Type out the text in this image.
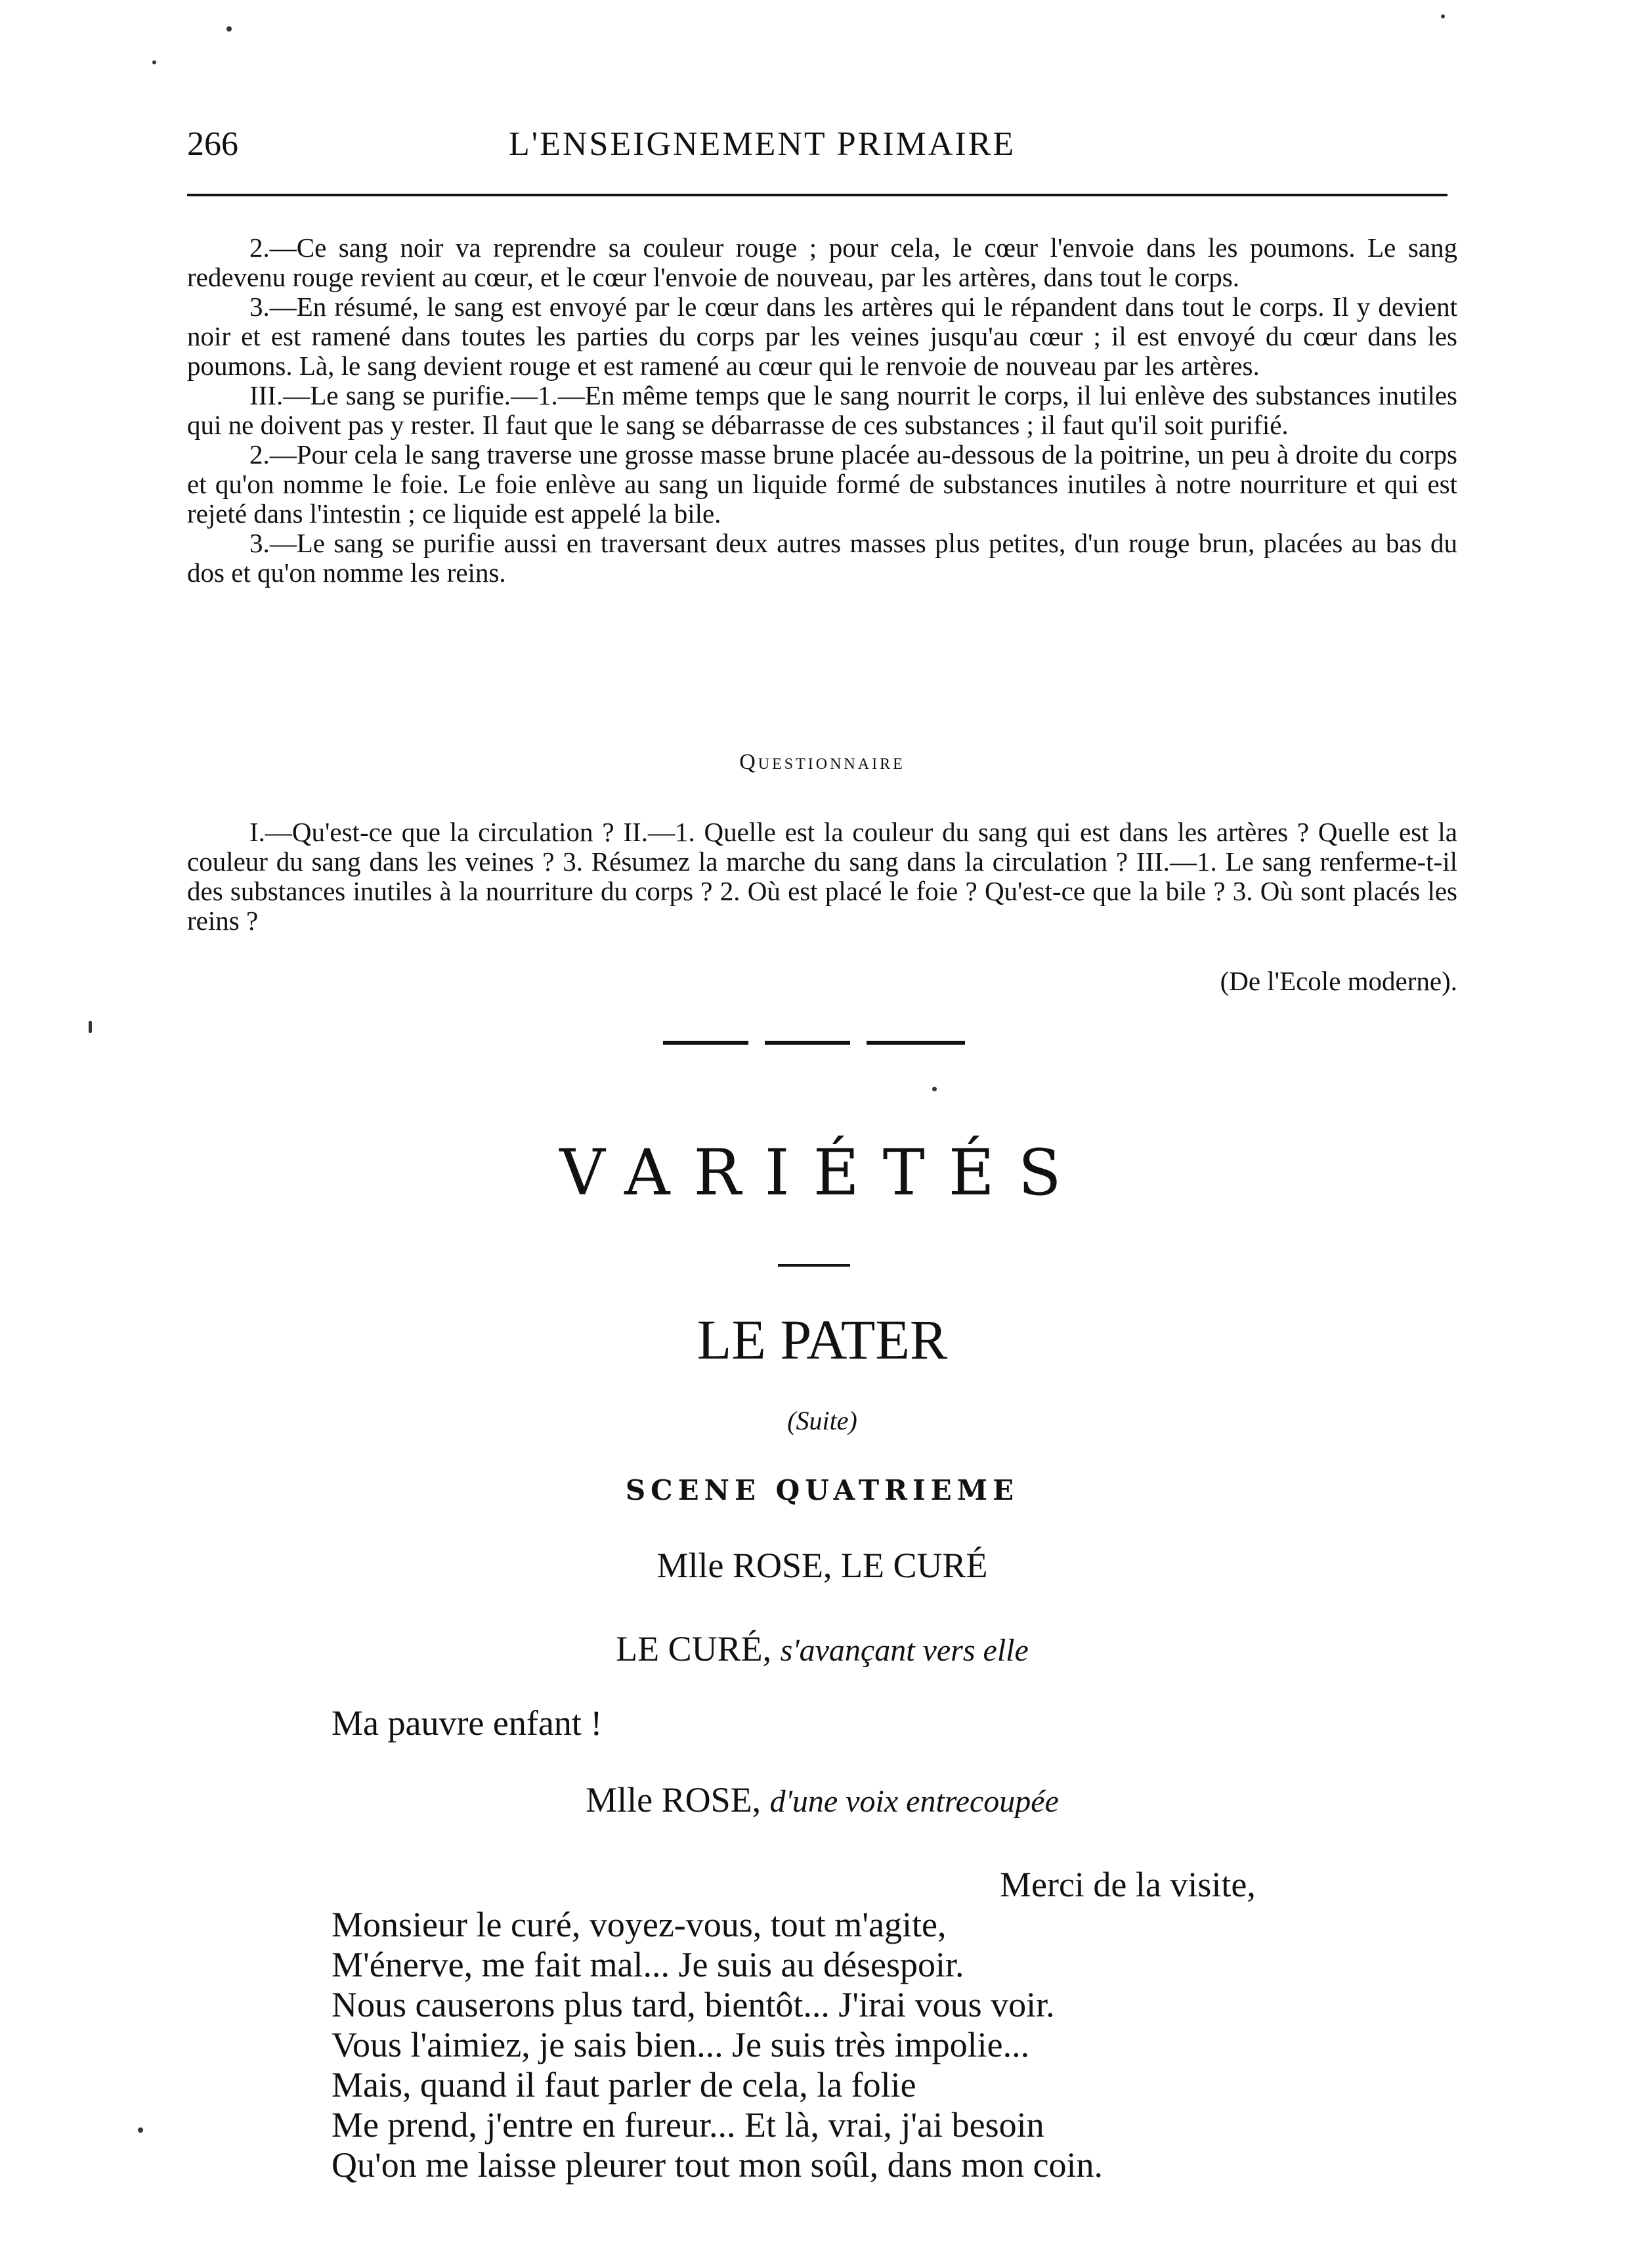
266	L'ENSEIGNEMENT PRIMAIRE

2.—Ce sang noir va reprendre sa couleur rouge ; pour cela, le cœur l'envoie dans les poumons. Le sang redevenu rouge revient au cœur, et le cœur l'envoie de nouveau, par les artères, dans tout le corps.

3.—En résumé, le sang est envoyé par le cœur dans les artères qui le répandent dans tout le corps. Il y devient noir et est ramené dans toutes les parties du corps par les veines jusqu'au cœur ; il est envoyé du cœur dans les poumons. Là, le sang devient rouge et est ramené au cœur qui le renvoie de nouveau par les artères.

III.—Le sang se purifie.—1.—En même temps que le sang nourrit le corps, il lui enlève des substances inutiles qui ne doivent pas y rester. Il faut que le sang se débarrasse de ces substances ; il faut qu'il soit purifié.

2.—Pour cela le sang traverse une grosse masse brune placée au-dessous de la poitrine, un peu à droite du corps et qu'on nomme le foie. Le foie enlève au sang un liquide formé de substances inutiles à notre nourriture et qui est rejeté dans l'intestin ; ce liquide est appelé la bile.

3.—Le sang se purifie aussi en traversant deux autres masses plus petites, d'un rouge brun, placées au bas du dos et qu'on nomme les reins.

Questionnaire
I.—Qu'est-ce que la circulation ? II.—1. Quelle est la couleur du sang qui est dans les artères ? Quelle est la couleur du sang dans les veines ? 3. Résumez la marche du sang dans la circulation ? III.—1. Le sang renferme-t-il des substances inutiles à la nourriture du corps ? 2. Où est placé le foie ? Qu'est-ce que la bile ? 3. Où sont placés les reins ?
(De l'Ecole moderne).
VARIÉTÉS
LE PATER
(Suite)
SCENE QUATRIEME
Mlle ROSE, LE CURÉ
LE CURÉ, s'avançant vers elle
Ma pauvre enfant !
Mlle ROSE, d'une voix entrecoupée
Merci de la visite,
Monsieur le curé, voyez-vous, tout m'agite,
M'énerve, me fait mal... Je suis au désespoir.
Nous causerons plus tard, bientôt... J'irai vous voir.
Vous l'aimiez, je sais bien... Je suis très impolie...
Mais, quand il faut parler de cela, la folie
Me prend, j'entre en fureur... Et là, vrai, j'ai besoin
Qu'on me laisse pleurer tout mon soûl, dans mon coin.
